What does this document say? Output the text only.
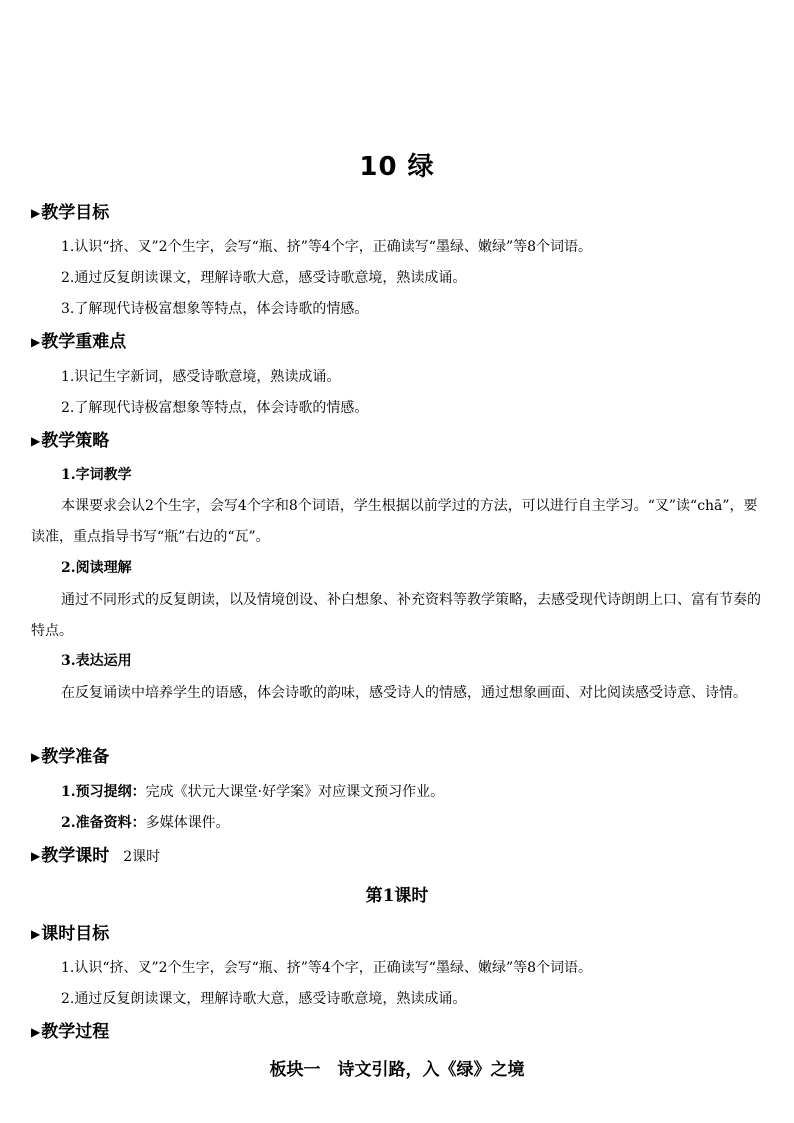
10 绿
▶教学目标
1.认识“挤、叉”2个生字，会写“瓶、挤”等4个字，正确读写“墨绿、嫩绿”等8个词语。
2.通过反复朗读课文，理解诗歌大意，感受诗歌意境，熟读成诵。
3.了解现代诗极富想象等特点，体会诗歌的情感。
▶教学重难点
1.识记生字新词，感受诗歌意境，熟读成诵。
2.了解现代诗极富想象等特点，体会诗歌的情感。
▶教学策略
1.字词教学
本课要求会认2个生字，会写4个字和8个词语，学生根据以前学过的方法，可以进行自主学习。“叉”读“chā”，要读准，重点指导书写“瓶”右边的“瓦”。
2.阅读理解
通过不同形式的反复朗读，以及情境创设、补白想象、补充资料等教学策略，去感受现代诗朗朗上口、富有节奏的特点。
3.表达运用
在反复诵读中培养学生的语感，体会诗歌的韵味，感受诗人的情感，通过想象画面、对比阅读感受诗意、诗情。
▶教学准备
1.预习提纲：完成《状元大课堂·好学案》对应课文预习作业。
2.准备资料：多媒体课件。
▶教学课时 2课时
第1课时
▶课时目标
1.认识“挤、叉”2个生字，会写“瓶、挤”等4个字，正确读写“墨绿、嫩绿”等8个词语。
2.通过反复朗读课文，理解诗歌大意，感受诗歌意境，熟读成诵。
▶教学过程
板块一　诗文引路，入《绿》之境
